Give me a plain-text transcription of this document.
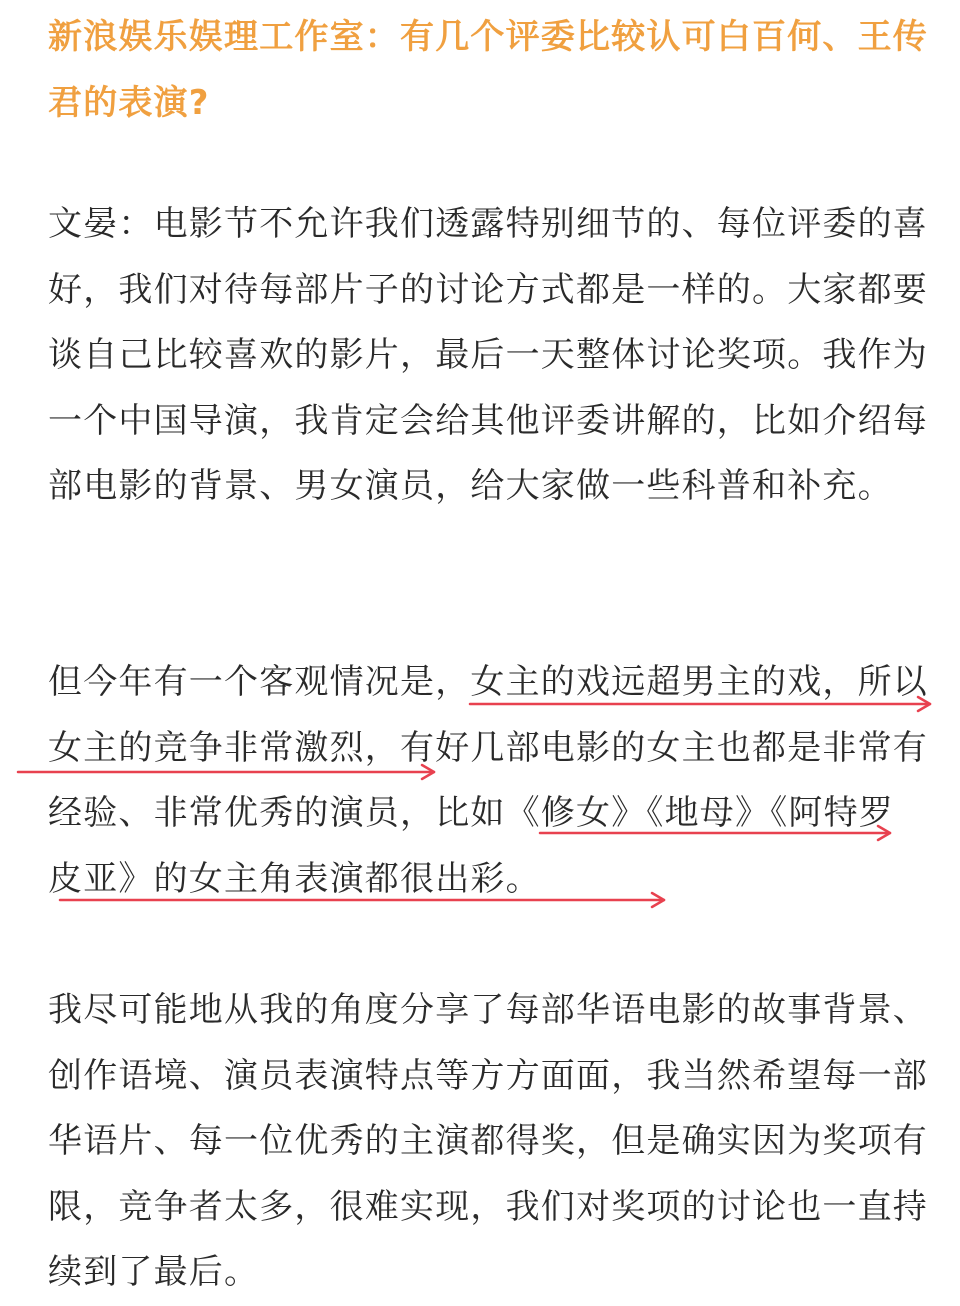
新浪娱乐娱理工作室：有几个评委比较认可白百何、王传君的表演?

文晏：电影节不允许我们透露特别细节的、每位评委的喜好，我们对待每部片子的讨论方式都是一样的。大家都要谈自己比较喜欢的影片，最后一天整体讨论奖项。我作为一个中国导演，我肯定会给其他评委讲解的，比如介绍每部电影的背景、男女演员，给大家做一些科普和补充。

但今年有一个客观情况是，女主的戏远超男主的戏，所以女主的竞争非常激烈，有好几部电影的女主也都是非常有经验、非常优秀的演员，比如《修女》《地母》《阿特罗皮亚》的女主角表演都很出彩。

我尽可能地从我的角度分享了每部华语电影的故事背景、创作语境、演员表演特点等方方面面，我当然希望每一部华语片、每一位优秀的主演都得奖，但是确实因为奖项有限，竞争者太多，很难实现，我们对奖项的讨论也一直持续到了最后。
